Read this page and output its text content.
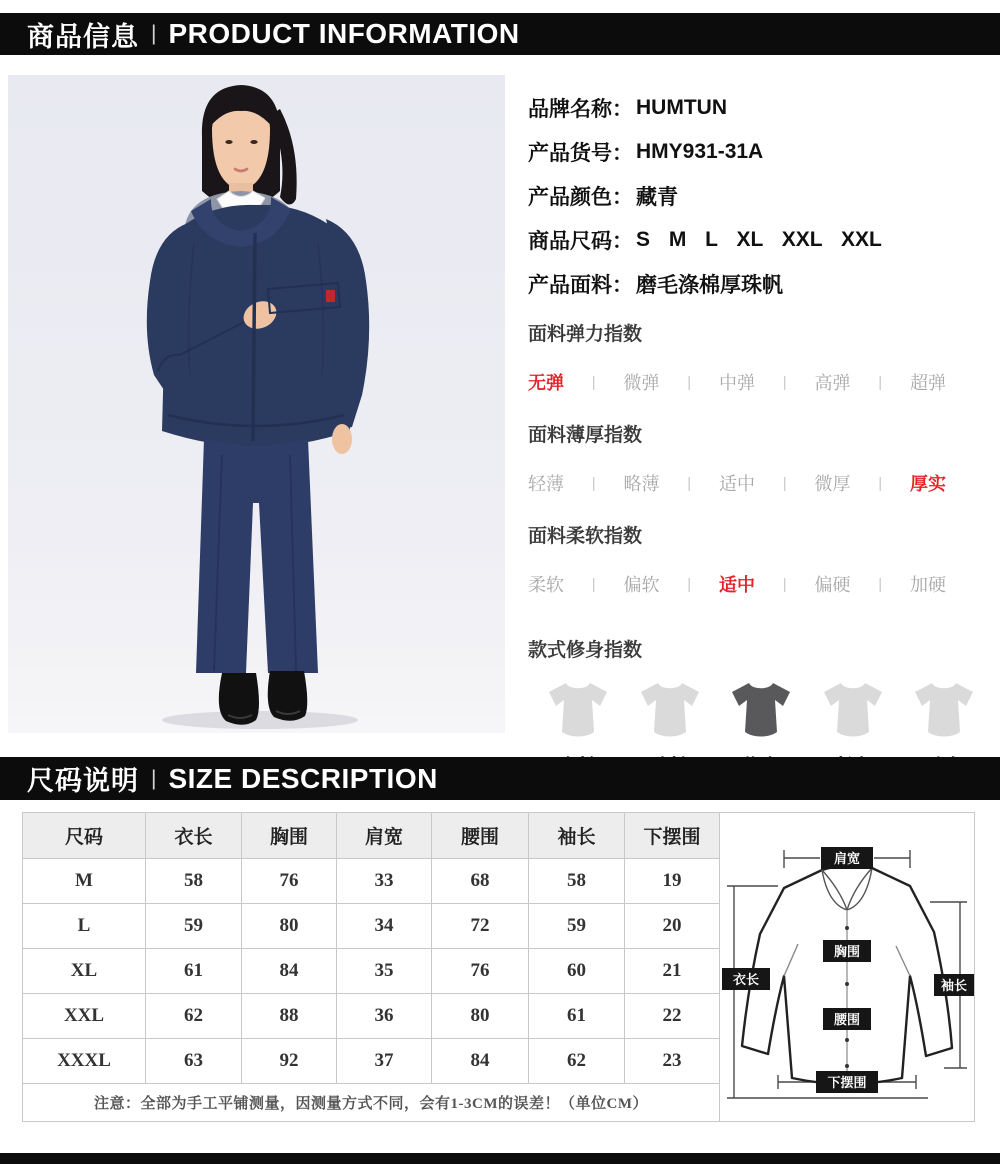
商品信息 | PRODUCT INFORMATION
品牌名称： HUMTUN
产品货号： HMY931-31A
产品颜色： 藏青
商品尺码： S M L XL XXL XXL
产品面料： 磨毛涤棉厚珠帆
面料弹力指数
无弹 | 微弹 | 中弹 | 高弹 | 超弹
面料薄厚指数
轻薄 | 略薄 | 适中 | 微厚 | 厚实
面料柔软指数
柔软 | 偏软 | 适中 | 偏硬 | 加硬
款式修身指数
尺码说明 | SIZE DESCRIPTION
尺码	衣长	胸围	肩宽	腰围	袖长	下摆围
M	58	76	33	68	58	19
L	59	80	34	72	59	20
XL	61	84	35	76	60	21
XXL	62	88	36	80	61	22
XXXL	63	92	37	84	62	23
注意：全部为手工平铺测量，因测量方式不同，会有1-3CM的误差！（单位CM）						
肩宽
衣长
胸围
袖长
腰围
下摆围
